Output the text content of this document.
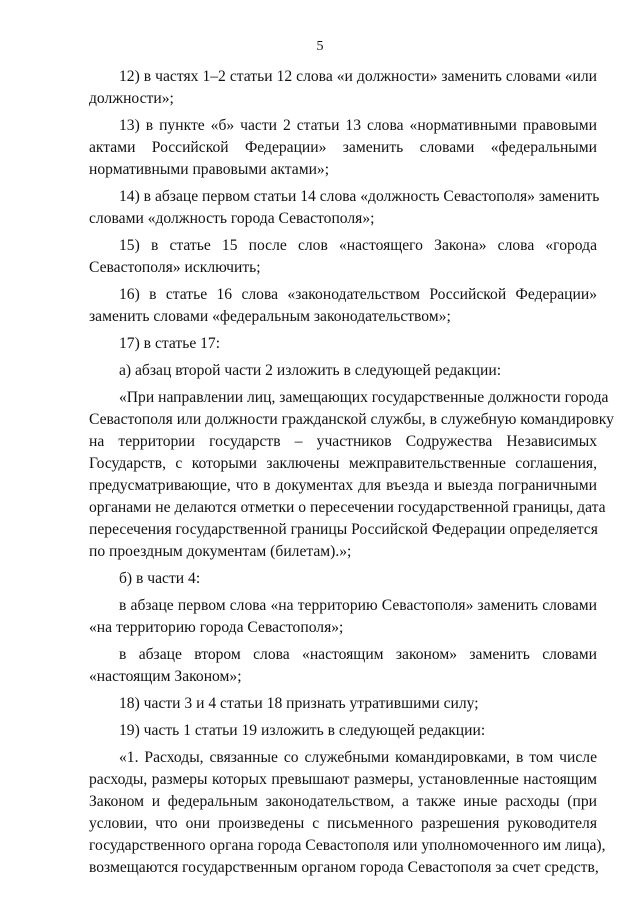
5
12) в частях 1–2 статьи 12 слова «и должности» заменить словами «или
должности»;
13) в пункте «б» части 2 статьи 13 слова «нормативными правовыми
актами Российской Федерации» заменить словами «федеральными
нормативными правовыми актами»;
14) в абзаце первом статьи 14 слова «должность Севастополя» заменить
словами «должность города Севастополя»;
15) в статье 15 после слов «настоящего Закона» слова «города
Севастополя» исключить;
16) в статье 16 слова «законодательством Российской Федерации»
заменить словами «федеральным законодательством»;
17) в статье 17:
а) абзац второй части 2 изложить в следующей редакции:
«При направлении лиц, замещающих государственные должности города
Севастополя или должности гражданской службы, в служебную командировку
на территории государств – участников Содружества Независимых
Государств, с которыми заключены межправительственные соглашения,
предусматривающие, что в документах для въезда и выезда пограничными
органами не делаются отметки о пересечении государственной границы, дата
пересечения государственной границы Российской Федерации определяется
по проездным документам (билетам).»;
б) в части 4:
в абзаце первом слова «на территорию Севастополя» заменить словами
«на территорию города Севастополя»;
в абзаце втором слова «настоящим законом» заменить словами
«настоящим Законом»;
18) части 3 и 4 статьи 18 признать утратившими силу;
19) часть 1 статьи 19 изложить в следующей редакции:
«1. Расходы, связанные со служебными командировками, в том числе
расходы, размеры которых превышают размеры, установленные настоящим
Законом и федеральным законодательством, а также иные расходы (при
условии, что они произведены с письменного разрешения руководителя
государственного органа города Севастополя или уполномоченного им лица),
возмещаются государственным органом города Севастополя за счет средств,
